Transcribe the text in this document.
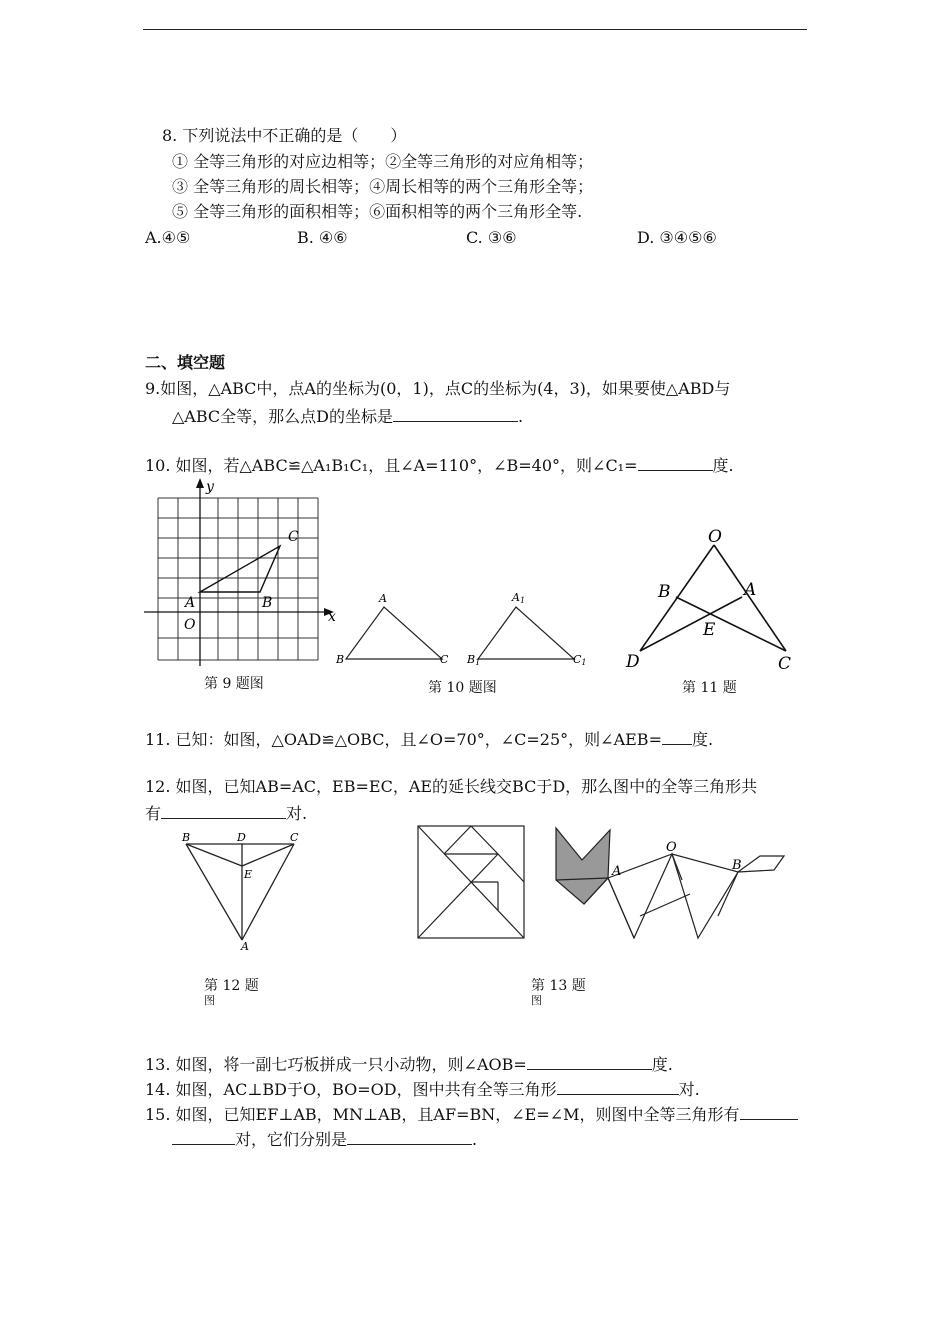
8. 下列说法中不正确的是（　　）
① 全等三角形的对应边相等；②全等三角形的对应角相等；
③ 全等三角形的周长相等；④周长相等的两个三角形全等；
⑤ 全等三角形的面积相等；⑥面积相等的两个三角形全等.
A.④⑤	B. ④⑥	C. ③⑥	D. ③④⑤⑥
二、填空题
9.如图，△ABC中，点A的坐标为(0，1)，点C的坐标为(4，3)，如果要使△ABD与
△ABC全等，那么点D的坐标是	.
10. 如图，若△ABC≌△A₁B₁C₁，且∠A=110°，∠B=40°，则∠C₁=	度.
y
x
C
A	B
O
A
B	C
A1
B1	C1
O
B	A
E
D	C
第 9 题图	第 10 题图	第 11 题
11. 已知：如图，△OAD≌△OBC，且∠O=70°，∠C=25°，则∠AEB= 度.
12. 如图，已知AB=AC，EB=EC，AE的延长线交BC于D，那么图中的全等三角形共
有	对.
B	D	C
E
A
A
O
B
第 12 题
图
第 13 题
图
13. 如图，将一副七巧板拼成一只小动物，则∠AOB=	度.
14. 如图，AC⊥BD于O，BO=OD，图中共有全等三角形	对.
15. 如图，已知EF⊥AB，MN⊥AB，且AF=BN，∠E=∠M，则图中全等三角形有
对，它们分别是	.
